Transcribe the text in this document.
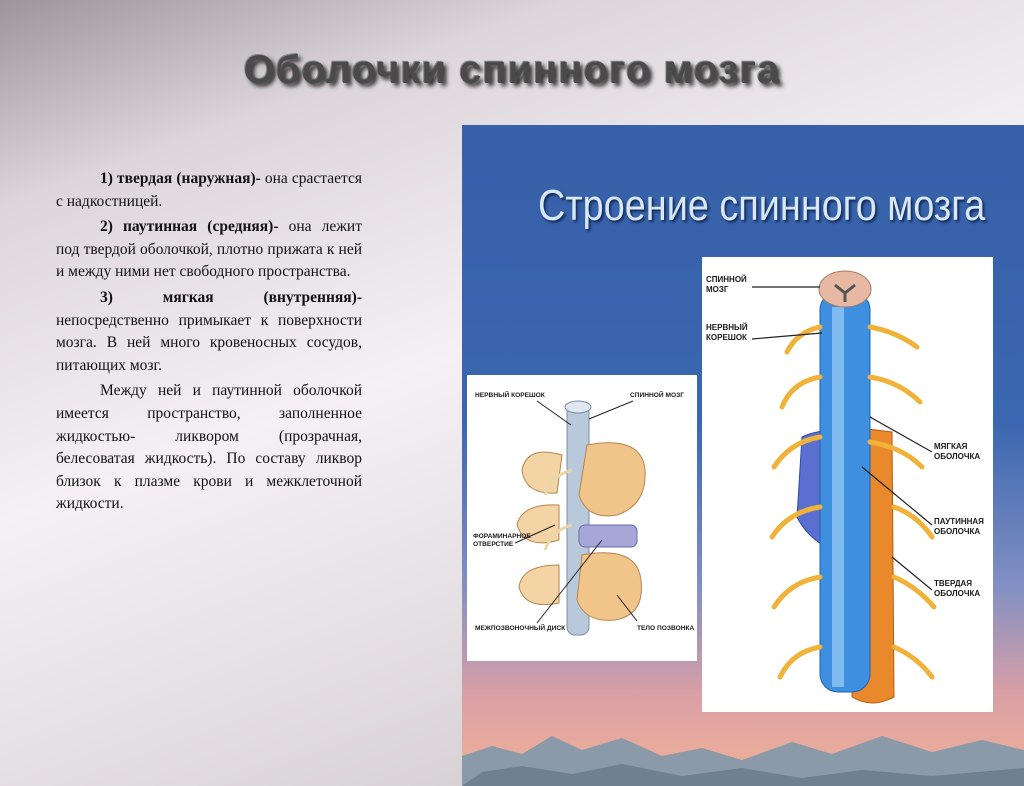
Оболочки спинного мозга

1) твердая (наружная)- она срастается с надкостницей.

2) паутинная (средняя)- она лежит под твердой оболочкой, плотно прижата к ней и между ними нет свободного пространства.

3) мягкая (внутренняя)- непосредственно примыкает к поверхности мозга. В ней много кровеносных сосудов, питающих мозг.

Между ней и паутинной оболочкой имеется пространство, заполненное жидкостью- ликвором (прозрачная, белесоватая жидкость). По составу ликвор близок к плазме крови и межклеточной жидкости.

Строение спинного мозга
НЕРВНЫЙ КОРЕШОК	СПИННОЙ МОЗГ
ФОРАМИНАРНОЕ ОТВЕРСТИЕ
МЕЖПОЗВОНОЧНЫЙ ДИСК	ТЕЛО ПОЗВОНКА
СПИННОЙ МОЗГ
НЕРВНЫЙ КОРЕШОК
МЯГКАЯ ОБОЛОЧКА
ПАУТИННАЯ ОБОЛОЧКА
ТВЕРДАЯ ОБОЛОЧКА
